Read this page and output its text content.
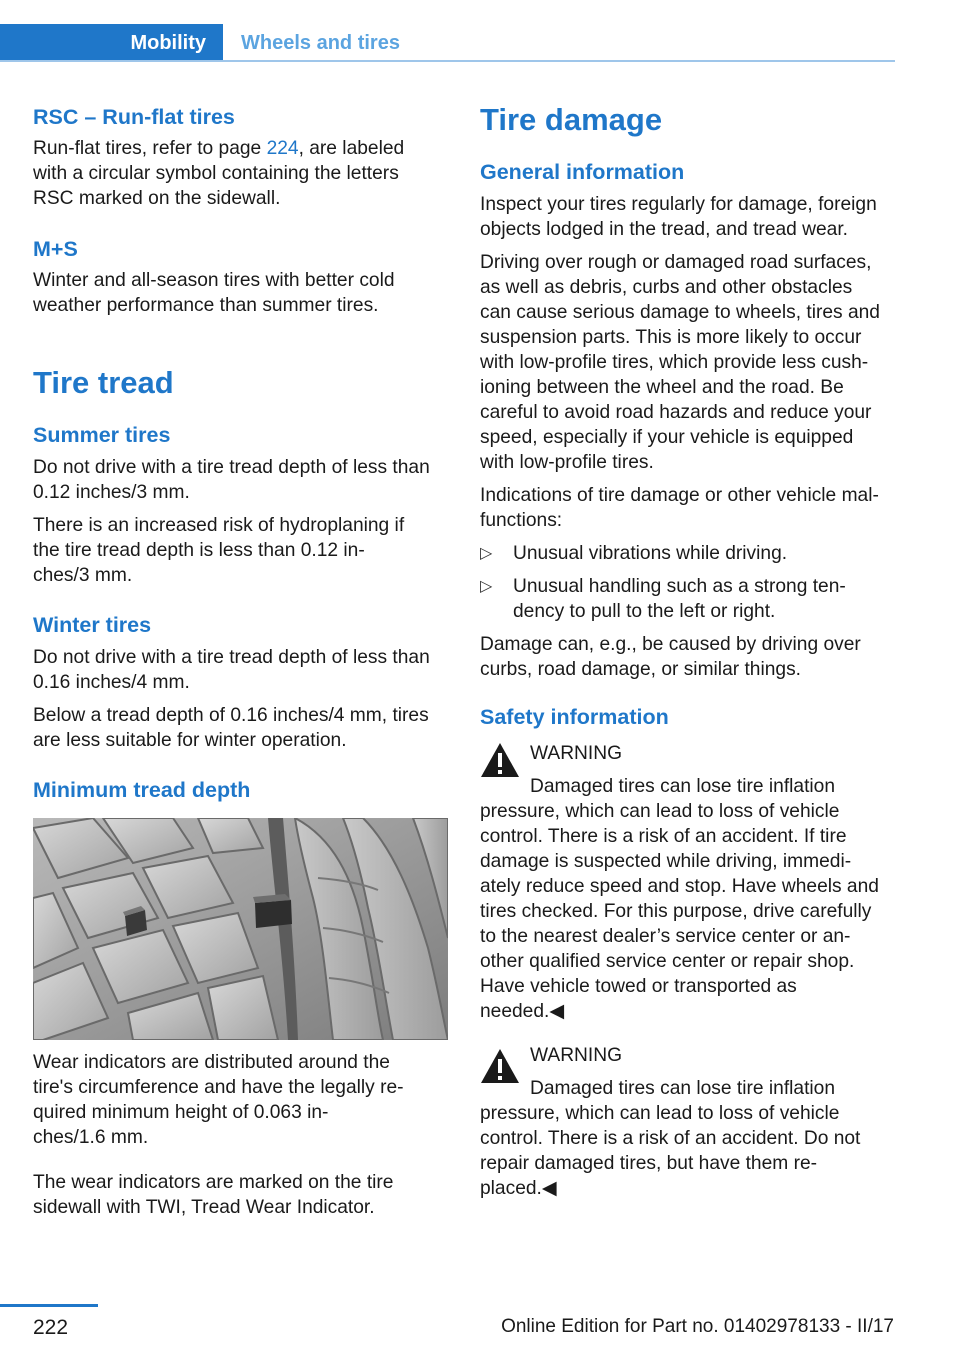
Mobility	Wheels and tires
RSC – Run-flat tires
Run-flat tires, refer to page 224, are labeled
with a circular symbol containing the letters
RSC marked on the sidewall.
M+S
Winter and all-season tires with better cold
weather performance than summer tires.
Tire tread
Summer tires
Do not drive with a tire tread depth of less than
0.12 inches/3 mm.
There is an increased risk of hydroplaning if
the tire tread depth is less than 0.12 in‐
ches/3 mm.
Winter tires
Do not drive with a tire tread depth of less than
0.16 inches/4 mm.
Below a tread depth of 0.16 inches/4 mm, tires
are less suitable for winter operation.
Minimum tread depth
Wear indicators are distributed around the
tire's circumference and have the legally re‐
quired minimum height of 0.063 in‐
ches/1.6 mm.
The wear indicators are marked on the tire
sidewall with TWI, Tread Wear Indicator.
Tire damage
General information
Inspect your tires regularly for damage, foreign
objects lodged in the tread, and tread wear.
Driving over rough or damaged road surfaces,
as well as debris, curbs and other obstacles
can cause serious damage to wheels, tires and
suspension parts. This is more likely to occur
with low-profile tires, which provide less cush‐
ioning between the wheel and the road. Be
careful to avoid road hazards and reduce your
speed, especially if your vehicle is equipped
with low-profile tires.
Indications of tire damage or other vehicle mal‐
functions:
▷ Unusual vibrations while driving.
▷ Unusual handling such as a strong ten‐
dency to pull to the left or right.
Damage can, e.g., be caused by driving over
curbs, road damage, or similar things.
Safety information
WARNING
Damaged tires can lose tire inflation
pressure, which can lead to loss of vehicle
control. There is a risk of an accident. If tire
damage is suspected while driving, immedi‐
ately reduce speed and stop. Have wheels and
tires checked. For this purpose, drive carefully
to the nearest dealer’s service center or an‐
other qualified service center or repair shop.
Have vehicle towed or transported as
needed.◀
WARNING
Damaged tires can lose tire inflation
pressure, which can lead to loss of vehicle
control. There is a risk of an accident. Do not
repair damaged tires, but have them re‐
placed.◀
222	Online Edition for Part no. 01402978133 - II/17
